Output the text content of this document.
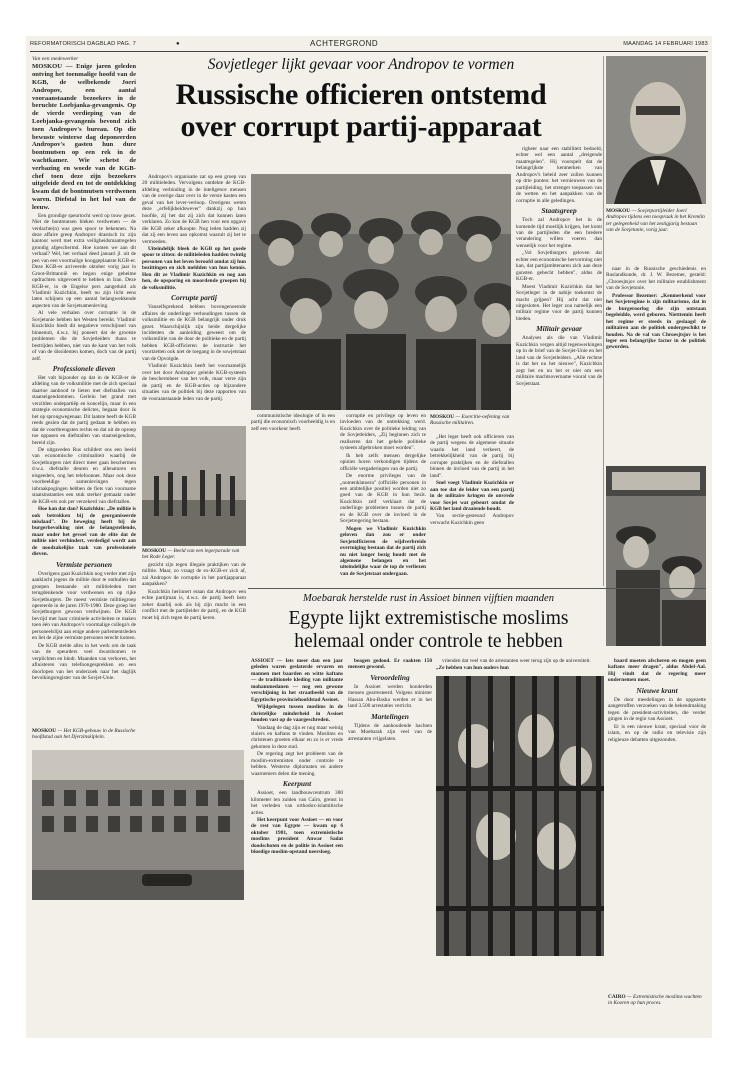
REFORMATORISCH DAGBLAD PAG. 7	●	ACHTERGROND	MAANDAG 14 FEBRUARI 1983
Sovjetleger lijkt gevaar voor Andropov te vormen
Russische officieren ontstemd
over corrupt partij-apparaat

Van een medewerker

MOSKOU — Enige jaren geleden ontving het toenmalige hoofd van de KGB, de welbekende Joeri Andropov, een aantal vooraanstaande bezoekers in de beruchte Loebjanka-gevangenis. Op de vierde verdieping van de Loebjanka-gevangenis bevond zich toen Andropov's bureau. Op die bewuste winterse dag deponeerden Andropov's gasten hun dure bontmutsen op een rek in de wachtkamer. Wie schetst de verbazing en woede van de KGB-chef toen deze zijn bezoekers uitgeleide deed en tot de ontdekking kwam dat de bontmutsen verdwenen waren. Diefstal in het hol van de leeuw.

Een grondige speurtocht werd op touw gezet. Niet de bontmutsen bleken verdwenen — de verdachte(n) was geen spoor te bekennen. Na deze affaire greep Andropov drastisch in: zijn kantoor werd met extra veiligheidsmaatregelen grondig afgeschermd. Hoe komen we aan dit verhaal? Wel, het verhaal deed januari jl. uit de pen van een voormalige hooggeplaatste KGB-er. Deze KGB-er arriveerde oktober vorig jaar in Groot-Brittannië en begon enige geheime opdrachten uitgevoerd te hebben in Iran. Deze KGB-er, in de Engelse pers aangeduid als Vladimir Kuzichkin, beeft nu zijn licht eens laten schijnen op een aantal belangwekkende aspecten van de Sovjetsamenleving.

Al vele verhalen over corruptie in de Sovjetunie hebben het Westen bereikt. Vladimir Kuzichkin biedt dit negatieve verschijnsel van binnenuit, d.w.z. hij poneert dat de grootste problemen die de Sovjetleiders thans te bestrijden hebben, niet van de kant van het volk of van de dissidenten komen, doch van de partij zelf.

Professionele dieven

Het valt bijzonder op dat in de KGB-er de afdeling van de volksmilitie met de zich speciaal daartoe aanbood te lieten met diefstallen van staatseigendommen. Gerlein het grand met verzilden ondepartiëp en koncelijn, maar in een strategie economische delictes, begaan door ik het op sprongwegenaar. Dit laatste heeft de KGB reeds gezien dat de partij gedaan te hebben en dat de voortbrengsten rechts en dat uit de oproep toe oppasen en diefstallen van staatseigendom, bereid zijn.

De uitgaveden Rus schildert ons een beeld van economische criminaliteit waarbij de Sovjetburgers niet direct meer gaan beschermen d.w.z. diefstalle deuren en allenaturen en eisgeeders, ong het telefoonnet. Maar ook deze voorbeeldige samenlevingen tegen inbraakpogingen hebben de fiets van voorname staatsinstanties een stuk sterker gemaakt onder de KGB-ers ook per verzekerd van diefstallen.

Hoe kan dat dan? Kuzichkin: „De militie is ook betrokken bij de georganiseerde misdaad". De beweging heeft bij de burgerbevolking niet de belangstellende, maar onder het gevoel van de elite dat de militie niet verhindert, verdedigd wordt aan de noodzakelijke taak van professionele dieven.

Vermiste personen

Overigens gaat Kuzichkin nog verder met zijn aanklacht jegens de militie door te onthullen dat groepen bestaande uit militieleden met terugdenkende voor verdwenen en op rijke Sovjetburgers. De meest vermiste militiegroep opereerde in de jaren 1970-1980. Deze groep liet Sovjetburgers gewoon verdwijnen. De KGB bevrijd met haar criminele activiteiten te maken toen één van Andropov's voormalige collega's de personeelslijst aan enige andere parlementsleden en liet de zijne vermiste personen terecht komen.

De KGB stelde alles in het werk om de taak van de speurders veel dwarsbomen te verplichten en bindt. Maanden van verhoren, het afluisteren van telefoongesprekken en een doorlopen van het onderzoek naar het daglijk bevolkingsregister van de Sovjet-Unie.

Andropov's organisatie zat op een groep van 20 militieleden. Vervolgens ontdekte de KGB-afdeling verbinding in de inteligence mensen van de overige daar over in de verste kasten een geval van het lever-verloop. Overigens weten deze „erfelijkheidswever" dankzij op hun hoofde, zij het dat zij zich dat kunnen laten verklaren. Zo kon de KGB hen voor een opgave die KGB zeker afkoopte. Nog leden hadden zij dat zij een leven aan opkomst waaruit zij het te vermoeden.

Uiteindelijk bleek de KGB op het goede spoor te zitten: de militieleden hadden twintig personen van het leven beroofd omdat zij hun bezittingen en zich meldden van hun kennis. Hen dit ze Vladimir Kuzichkin en nog aan hen, de opsporing en moordende groepen bij de volksmilitie.

Corrupte partij

Vanzelfsprekend hebben bovengenoemde affaires de onderlinge verhoudingen tussen de volksmilitie en de KGB belangrijk onder druk gezet. Waarschijnlijk zijn beide dergelijke incidenten de aanleiding geweest om de volksmilitie van de door de politieke en de partij hebben KGB-officieren de instructie het voortzetten ook niet de toegang in de sowjetstaat van de Opvolgde.

Vladimir Kuzichkin heeft het voornamelijk over het door Andropov geleide KGB-systeem de beschermheer van het volk, maar verre zijn de partij en de KGB-acties op bijzondere situaties van de politiek bij deze rapporten van de vooraanstaande leden van de partij.

communistische ideologie of in een partij die economisch voorbeeldig is en zelf een voorkeur heeft.

MOSKOU — Exercitie-oefening van Russische militairen.

corruptie en privilege op leven en invloeden van de ontrekking werd. Kuzichkin over de politieke leiding van de Sovjetleiders, „Zij beginnen zich te realiseren dat het gehele politieke systeem afgebroken moet worden".

Ik heb zelfs mensen dergelijke opinies horen verkondigen tijdens de officiële vergaderingen van de partij.

De enorme privileges van de „nomenklatoera" (officiële personen in een ambtelijke positie) worden niet zo goed van de KGB in hun bezit. Kuzichkin zelf verklaart dat de onderlinge problemen tussen de partij en de KGB over de invloed in de Sovjetregering bestaan.

Mogen we Vladimir Kuzichkin geloven dan zou er onder Sovjetofficieren de wijdverbreide overtuiging bestaan dat de partij zich nu niet langer bezig houdt met de algemene belangen en het uiteindelijke waar de top de verliezen van de Sovjetstaat ondergaan.

„Het leger heeft ook officieren van de partij wegens de algemene situatie waarin het land verkeert, de betrekkelijkheid van de partij bij corrupte praktijken en de diefstallen binnen de invloed van de partij in het land".

Snel voegt Vladimir Kuzichkin er aan toe dat de leider van een partij in de militaire kringen de onvrede voor Sovjet wat gebeurt omdat de KGB het land draaiende houdt.

Van sectie-gesteund Andropov verwacht Kuzichkin geen

righeer naar een stabiliteit bedoeld, echter wel een aantal „dreigende maatregelen". Hij voorspelt dat de belangrijkste kenmerken van Andropov's beleid zeer zullen kunnen op drie punten: het vernieuwen van de partijleiding, het strenger toepassen van de wetten en het aanpakken van de corruptie in alle geledingen.

Staatsgreep

Toch zal Andropov het in de komende tijd moeilijk krijgen, het komt van de partijleden die een bredere verandering willen voeren dan wenselijk voor het regime.

„Vol Sovjetburgers geloven dat echter een economische hervorming niet kan, dat partijambtenaren zich aan deze gunsten gehecht hebben", aldus de KGB-er.

Moest Vladimir Kuzichkin dat het Sovjetleger in de nabije toekomst de macht grijpen? Hij acht dat niet uitgesloten. Het leger zou namelijk een militair regime voor de partij kunnen bieden.

Militair gevaar

Analyses als die van Vladimir Kuzichkin vergen altijd tegenwerkingen op in de brief van de Sovjet-Unie en het land van de Sovjetleiders. „Alle rechtse is dat het nu het nieuwe", Kuzichkin zegt het en nu het er niet om een militaire machtsovername vooral van de Sovjetstaat.

MOSKOU — Sovjetpartijleider Joeri Andropov tijdens een toespraak in het Kremlin ter gelegenheid van het zestigjarig bestaan van de Sovjetunie, vorig jaar.

naar in de Russische geschiedenis en Ruslandkunde, dr. J. W. Bezemer, gesteld: „Chroesjtsjov over het militaire establishment van de Sovjetunie.

Professor Bezemer: „Kenmerkend voor het Sovjetregime is zijn militarisme, dat in de burgeroorlog die zijn ontstaan begeleidde, werd geboren. Nietttemin heeft het regime er steeds in geslaagd de militairen aan de politiek ondergeschikt te houden. Na de val van Chroesjtsjov is het leger een belangrijke factor in de politiek geworden.

MOSKOU — Beeld van een legerparade van het Rode Leger.

gezicht zijn tegen illegale praktijken van de militie. Maar, zo vraagt de ex-KGB-er zich af, zal Andropov de corruptie in het partijapparaat aanpakken?

Kuzichkin herinnert eraan dat Andropov een echte partijman is, d.w.z. de partij heeft hem zeker daarbij ook als hij zijn macht in een conflict met de partijleider de partij, en de KGB moet hij zich tegen de partij keren.

Moebarak herstelde rust in Assioet binnen vijftien maanden
Egypte lijkt extremistische moslims
helemaal onder controle te hebben

ASSIOET — Iets meer dan een jaar geleden waren geslaterde ervaren en mannen met baarden en witte kaftans — de traditionele kleding van militante mohammedanen — nog een gewone verschijning in het straatbeeld van de Egyptische provinciehoofdstad Assioet.

Wijdgelegen tussen moslims in de christelijke minderheid in Assioet houden vast op de vaargeschreden.

Vandaag de dag zijn er nog maar weinig sluiers en kaftans te vinden. Moslims en christenen groeten elkaar en zo is er vrede gekomen in deze stad.

De regering zegt het probleem van de moslim-extremisten onder controle te hebben. Westerse diplomaten en andere waarnemers delen die mening.

Keerpunt

Assioet, een landbouwcentrum 380 kilometer ten zuiden van Caïro, grenst in het verleden van orthodox-islamitische acties.

Het keerpunt voor Assioet — en voor de rest van Egypte — kwam op 6 oktober 1981, toen extremistische moslims president Anwar Sadat doodschoten en de politie in Assioet een bloedige moslim-opstand neersloeg.

beagen gedood. Er raakten 150 mensen gewond.

Veroordeling

In Assioet werden honderden mensen gearresteerd. Volgens minister Hassan Abu-Basha werden er in het land 3.500 arrestaties verricht.

Martelingen

Tijdens de aanhoudende hachten van Moebarak zijn veel van de arrestanten vrijgelaten.

vrienden dat veel van de arrestanten weer terug zijn op de universiteit.

„Ze hebben van hun ouders hun

baard moeten afscheren en mogen geen kaftans meer dragen", aldus Abdel-Aal. Hij vindt dat de regering meer ondernemen moet.

Nieuwe krant

De door meedelingen in de opgezette aangetroffen verzoeken van de bekendmaking tegen de president-activiteiten, die verder gingen in de regio van Assioet.

Er is een nieuwe krant, speciaal voor de islam, en op de radio en televisie zijn religieuze debatten uitgezonden.

CAIRO — Extremistische moslims wachten in Kooren op hun proces.
MOSKOU — Het KGB-gebouw in de Russische hoofdstad aan het Djerzinskiplein.
